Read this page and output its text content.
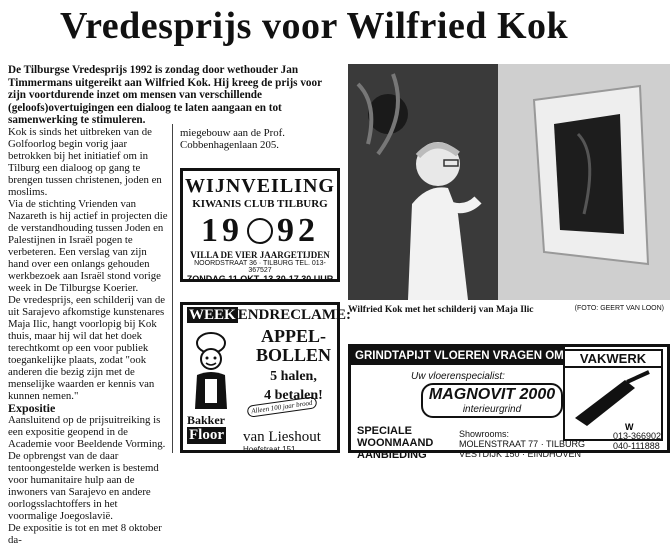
Vredesprijs voor Wilfried Kok
De Tilburgse Vredesprijs 1992 is zondag door wethouder Jan Timmermans uitgereikt aan Wilfried Kok. Hij kreeg de prijs voor zijn voortdurende inzet om mensen van verschillende (geloofs)overtuigingen een dialoog te laten aangaan en tot samenwerking te stimuleren.

Kok is sinds het uitbreken van de Golfoorlog begin vorig jaar betrokken bij het initiatief om in Tilburg een dialoog op gang te brengen tussen christenen, joden en moslims.

Via de stichting Vrienden van Nazareth is hij actief in projecten die de verstandhouding tussen Joden en Palestijnen in Israël pogen te verbeteren. Een verslag van zijn hand over een onlangs gehouden werkbezoek aan Israël stond vorige week in De Tilburgse Koerier.

De vredesprijs, een schilderij van de uit Sarajevo afkomstige kunstenares Maja Ilic, hangt voorlopig bij Kok thuis, maar hij wil dat het doek terechtkomt op een voor publiek toegankelijke plaats, zodat "ook anderen die bezig zijn met de menselijke waarden er kennis van kunnen nemen."

Expositie

Aansluitend op de prijsuitreiking is een expositie geopend in de Academie voor Beeldende Vorming.

De opbrengst van de daar tentoongestelde werken is bestemd voor humanitaire hulp aan de inwoners van Sarajevo en andere oorlogsslachtoffers in het voormalige Joegoslavië.

De expositie is tot en met 8 oktober da-

miegebouw aan de Prof. Cobbenhagenlaan 205.

WIJNVEILING
KIWANIS CLUB TILBURG
19 92
VILLA DE VIER JAARGETIJDEN
NOORDSTRAAT 36 · TILBURG TEL. 013-367527
ZONDAG 11 OKT. 13.30-17.30 UUR
WEEK ENDRECLAME:
APPEL-
BOLLEN
5 halen,
4 betalen!
Alleen 100 jaar brood
Bakker
Floor van Lieshout
Hoefstraat 151
Wilfried Kok met het schilderij van Maja Ilic	(FOTO: GEERT VAN LOON)
GRINDTAPIJT VLOEREN VRAGEN OM	VAKWERK
W
Uw vloerenspecialist:
MAGNOVIT 2000
interieurgrind
SPECIALE
WOONMAAND
AANBIEDING
Showrooms:
MOLENSTRAAT 77 · TILBURG
VESTDIJK 150 · EINDHOVEN
013-366902
040-111888
